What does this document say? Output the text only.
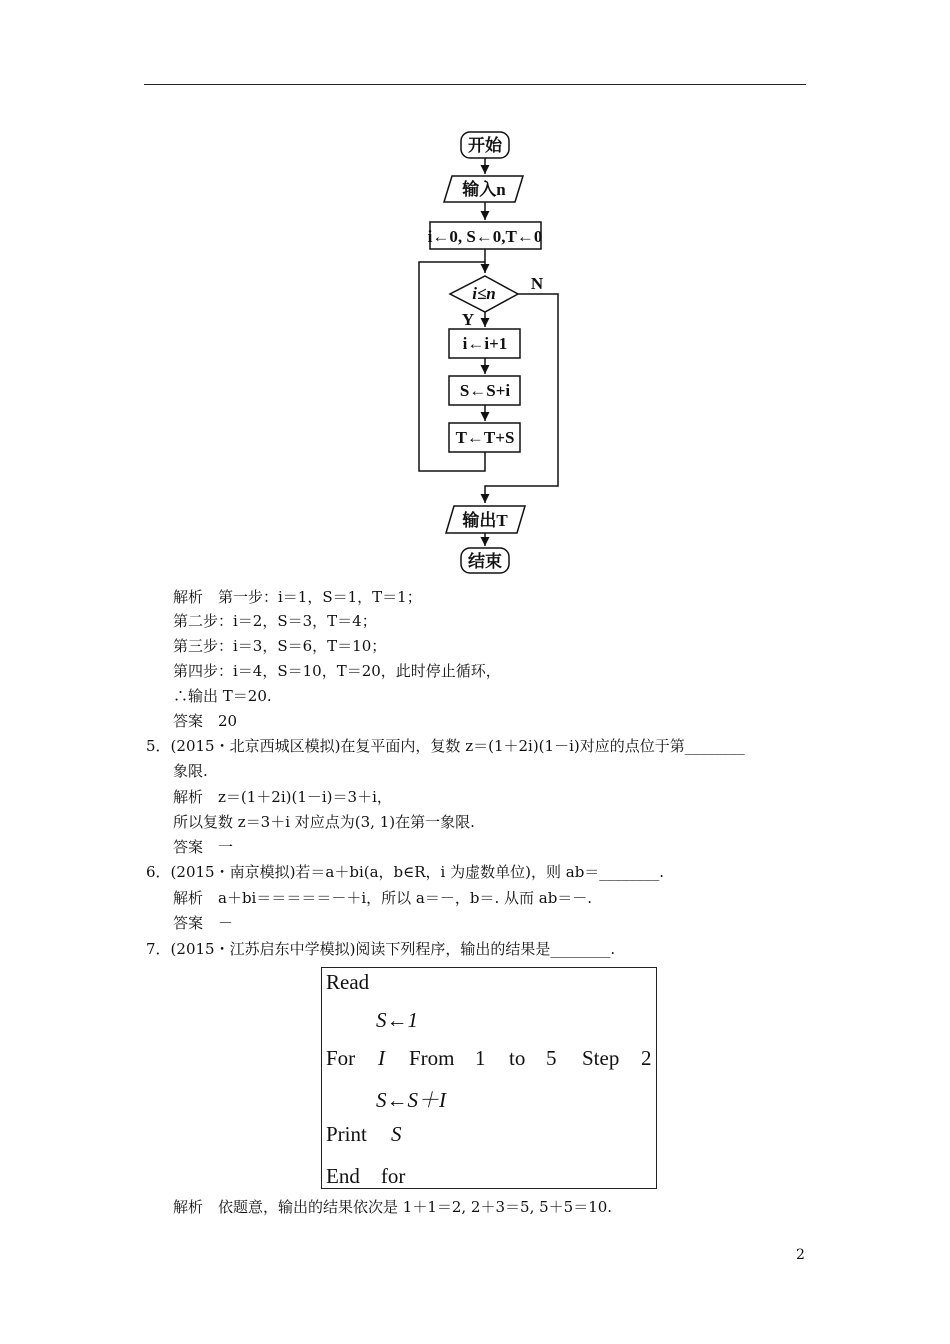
开始
输入n
i←0, S←0,T←0
i≤n
Y
N
i←i+1
S←S+i
T←T+S
输出T
结束
解析　第一步：i＝1，S＝1，T＝1；
第二步：i＝2，S＝3，T＝4；
第三步：i＝3，S＝6，T＝10；
第四步：i＝4，S＝10，T＝20，此时停止循环，
∴输出 T＝20.
答案　20
5．(2015・北京西城区模拟)在复平面内，复数 z＝(1＋2i)(1－i)对应的点位于第________
象限.
解析　z＝(1＋2i)(1－i)＝3＋i，
所以复数 z＝3＋i 对应点为(3, 1)在第一象限.
答案　一
6．(2015・南京模拟)若＝a＋bi(a，b∈R，i 为虚数单位)，则 ab＝________.
解析　a＋bi＝＝＝＝＝－＋i，所以 a＝－，b＝. 从而 ab＝－.
答案　－
7．(2015・江苏启东中学模拟)阅读下列程序，输出的结果是________.
Read
S←1
For I From 1 to 5 Step 2
S←S＋I
Print S
End　for
解析　依题意，输出的结果依次是 1＋1＝2, 2＋3＝5, 5＋5＝10.
2
